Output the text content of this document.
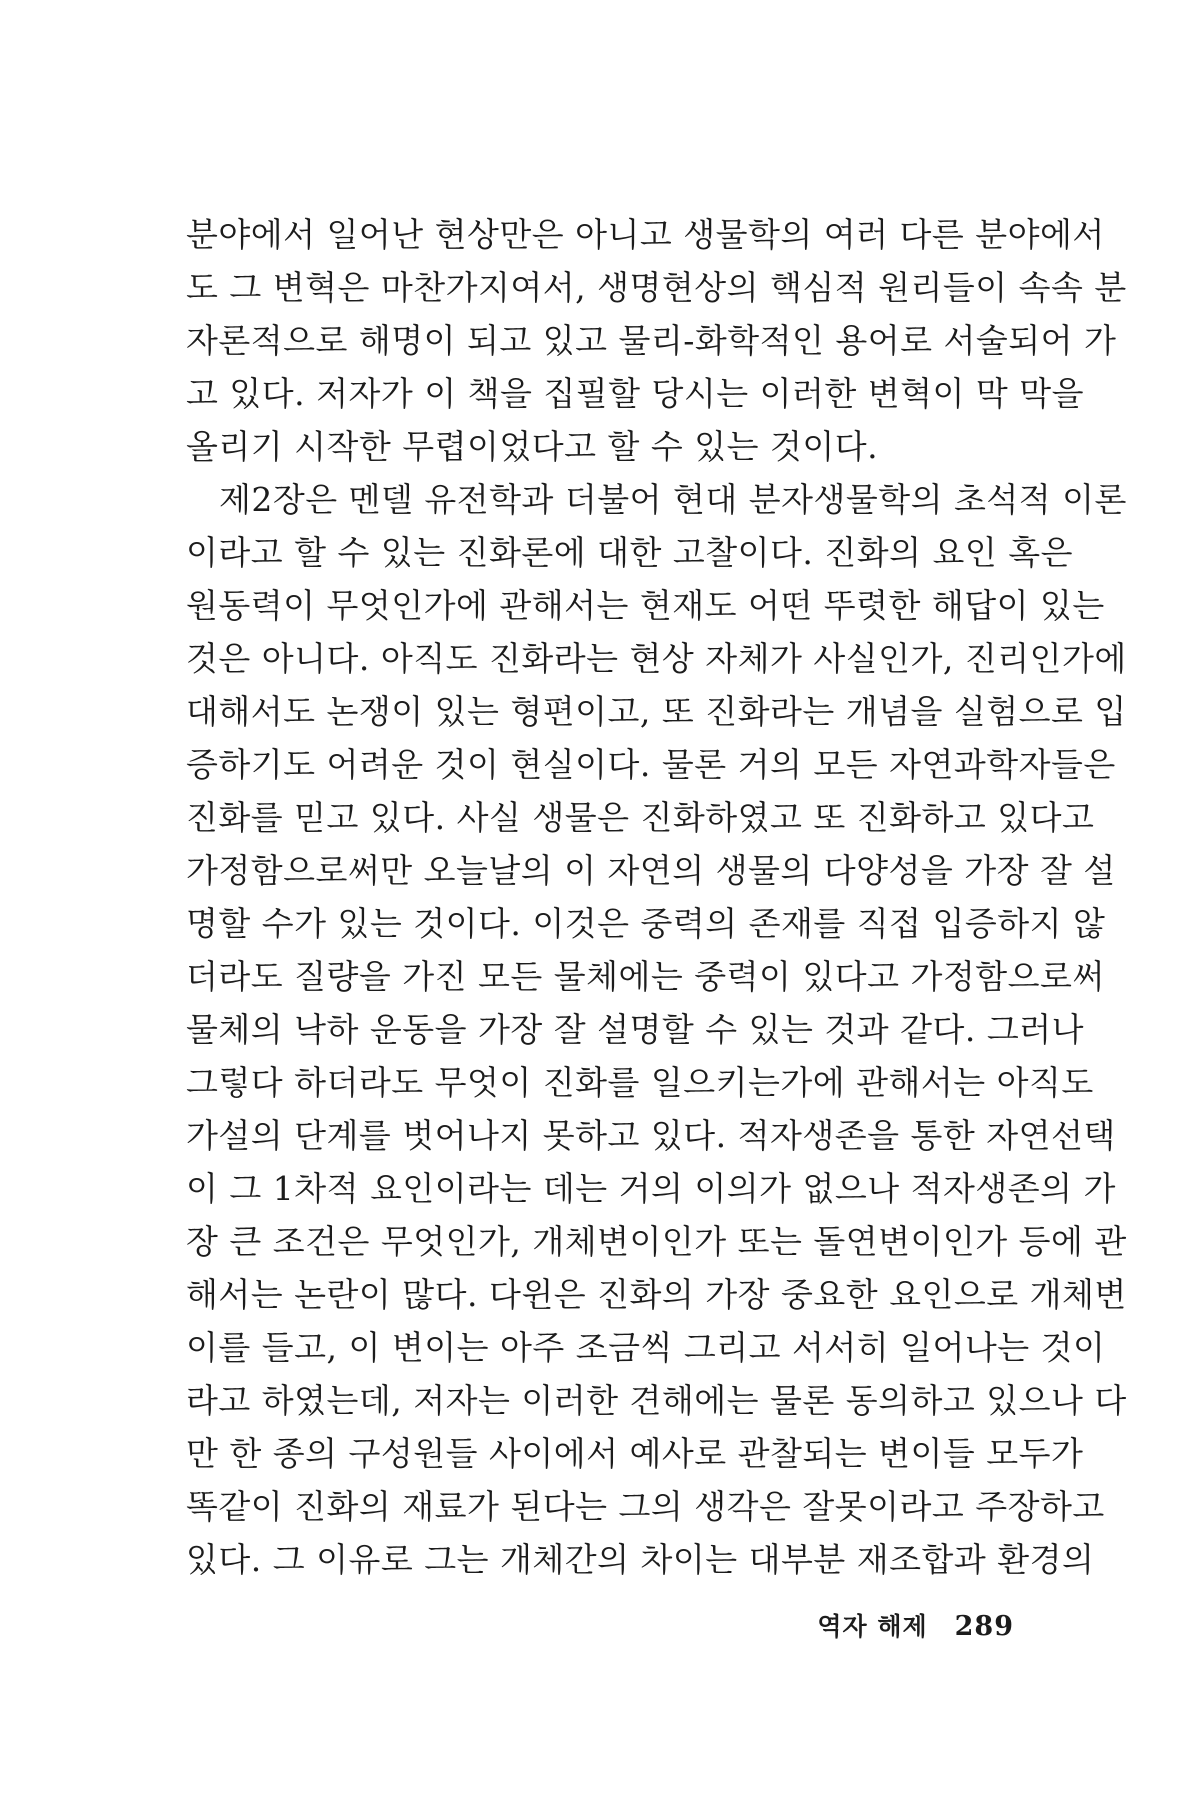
분야에서 일어난 현상만은 아니고 생물학의 여러 다른 분야에서
도 그 변혁은 마찬가지여서, 생명현상의 핵심적 원리들이 속속 분
자론적으로 해명이 되고 있고 물리-화학적인 용어로 서술되어 가
고 있다. 저자가 이 책을 집필할 당시는 이러한 변혁이 막 막을
올리기 시작한 무렵이었다고 할 수 있는 것이다.
제2장은 멘델 유전학과 더불어 현대 분자생물학의 초석적 이론
이라고 할 수 있는 진화론에 대한 고찰이다. 진화의 요인 혹은
원동력이 무엇인가에 관해서는 현재도 어떤 뚜렷한 해답이 있는
것은 아니다. 아직도 진화라는 현상 자체가 사실인가, 진리인가에
대해서도 논쟁이 있는 형편이고, 또 진화라는 개념을 실험으로 입
증하기도 어려운 것이 현실이다. 물론 거의 모든 자연과학자들은
진화를 믿고 있다. 사실 생물은 진화하였고 또 진화하고 있다고
가정함으로써만 오늘날의 이 자연의 생물의 다양성을 가장 잘 설
명할 수가 있는 것이다. 이것은 중력의 존재를 직접 입증하지 않
더라도 질량을 가진 모든 물체에는 중력이 있다고 가정함으로써
물체의 낙하 운동을 가장 잘 설명할 수 있는 것과 같다. 그러나
그렇다 하더라도 무엇이 진화를 일으키는가에 관해서는 아직도
가설의 단계를 벗어나지 못하고 있다. 적자생존을 통한 자연선택
이 그 1차적 요인이라는 데는 거의 이의가 없으나 적자생존의 가
장 큰 조건은 무엇인가, 개체변이인가 또는 돌연변이인가 등에 관
해서는 논란이 많다. 다윈은 진화의 가장 중요한 요인으로 개체변
이를 들고, 이 변이는 아주 조금씩 그리고 서서히 일어나는 것이
라고 하였는데, 저자는 이러한 견해에는 물론 동의하고 있으나 다
만 한 종의 구성원들 사이에서 예사로 관찰되는 변이들 모두가
똑같이 진화의 재료가 된다는 그의 생각은 잘못이라고 주장하고
있다. 그 이유로 그는 개체간의 차이는 대부분 재조합과 환경의
역자 해제 289
